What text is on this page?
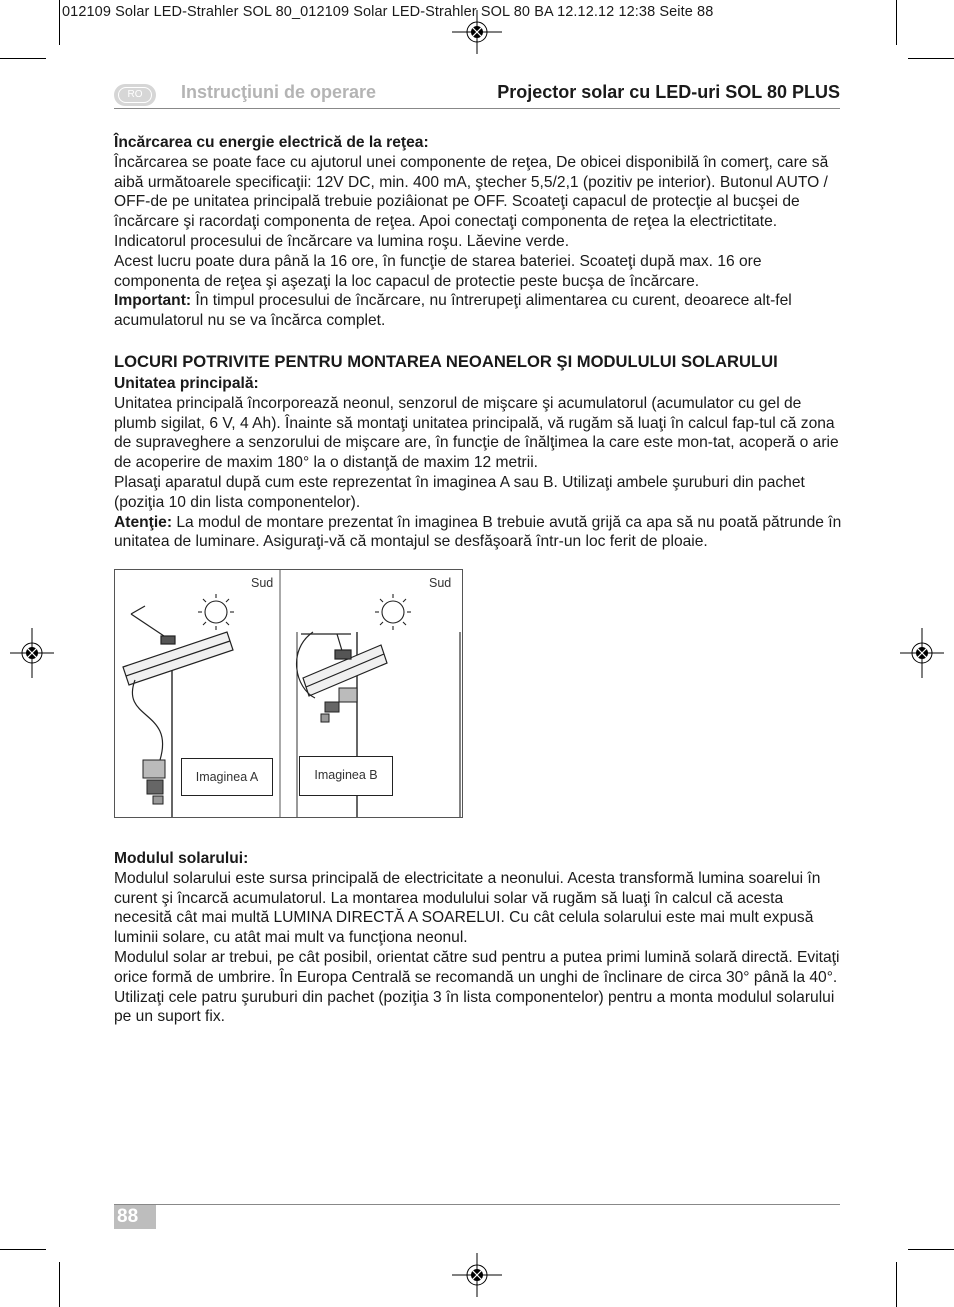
012109 Solar LED-Strahler SOL 80_012109 Solar LED-Strahler SOL 80 BA 12.12.12 12:38 Seite 88
RO	Instrucţiuni de operare	Projector solar cu LED-uri SOL 80 PLUS

Încărcarea cu energie electrică de la reţea:

Încărcarea se poate face cu ajutorul unei componente de reţea, De obicei disponibilă în comerţ, care să aibă următoarele specificaţii: 12V DC, min. 400 mA, ştecher 5,5/2,1 (pozitiv pe interior). Butonul AUTO / OFF-de pe unitatea principală trebuie poziâionat pe OFF. Scoateţi capacul de protecţie al bucşei de încărcare şi racordaţi componenta de reţea. Apoi conectaţi componenta de reţea la electrictitate. Indicatorul procesului de încărcare va lumina roşu. Lăevine verde.

Acest lucru poate dura până la 16 ore, în funcţie de starea bateriei. Scoateţi după max. 16 ore componenta de reţea şi aşezaţi la loc capacul de protectie peste bucşa de încărcare.

Important: În timpul procesului de încărcare, nu întrerupeţi alimentarea cu curent, deoarece alt-fel acumulatorul nu se va încărca complet.

LOCURI POTRIVITE PENTRU MONTAREA NEOANELOR ŞI MODULULUI SOLARULUI

Unitatea principală:

Unitatea principală încorporează neonul, senzorul de mişcare şi acumulatorul (acumulator cu gel de plumb sigilat, 6 V, 4 Ah). Înainte să montaţi unitatea principală, vă rugăm să luaţi în calcul fap-tul că zona de supraveghere a senzorului de mişcare are, în funcţie de înălţimea la care este mon-tat, acoperă o arie de acoperire de maxim 180° la o distanţă de maxim 12 metrii.

Plasaţi aparatul după cum este reprezentat în imaginea A sau B. Utilizaţi ambele şuruburi din pachet (poziţia 10 din lista componentelor).

Atenţie: La modul de montare prezentat în imaginea B trebuie avută grijă ca apa să nu poată pătrunde în unitatea de luminare. Asiguraţi-vă că montajul se desfăşoară într-un loc ferit de ploaie.

Sud	Sud
Imaginea A	Imaginea B

Modulul solarului:

Modulul solarului este sursa principală de electricitate a neonului. Acesta transformă lumina soarelui în curent şi încarcă acumulatorul. La montarea modulului solar vă rugăm să luaţi în calcul că acesta necesită cât mai multă LUMINA DIRECTĂ A SOARELUI. Cu cât celula solarului este mai mult expusă luminii solare, cu atât mai mult va funcţiona neonul.

Modulul solar ar trebui, pe cât posibil, orientat către sud pentru a putea primi lumină solară directă. Evitaţi orice formă de umbrire. În Europa Centrală se recomandă un unghi de înclinare de circa 30° până la 40°. Utilizaţi cele patru şuruburi din pachet (poziţia 3 în lista componentelor) pentru a monta modulul solarului pe un suport fix.

88
